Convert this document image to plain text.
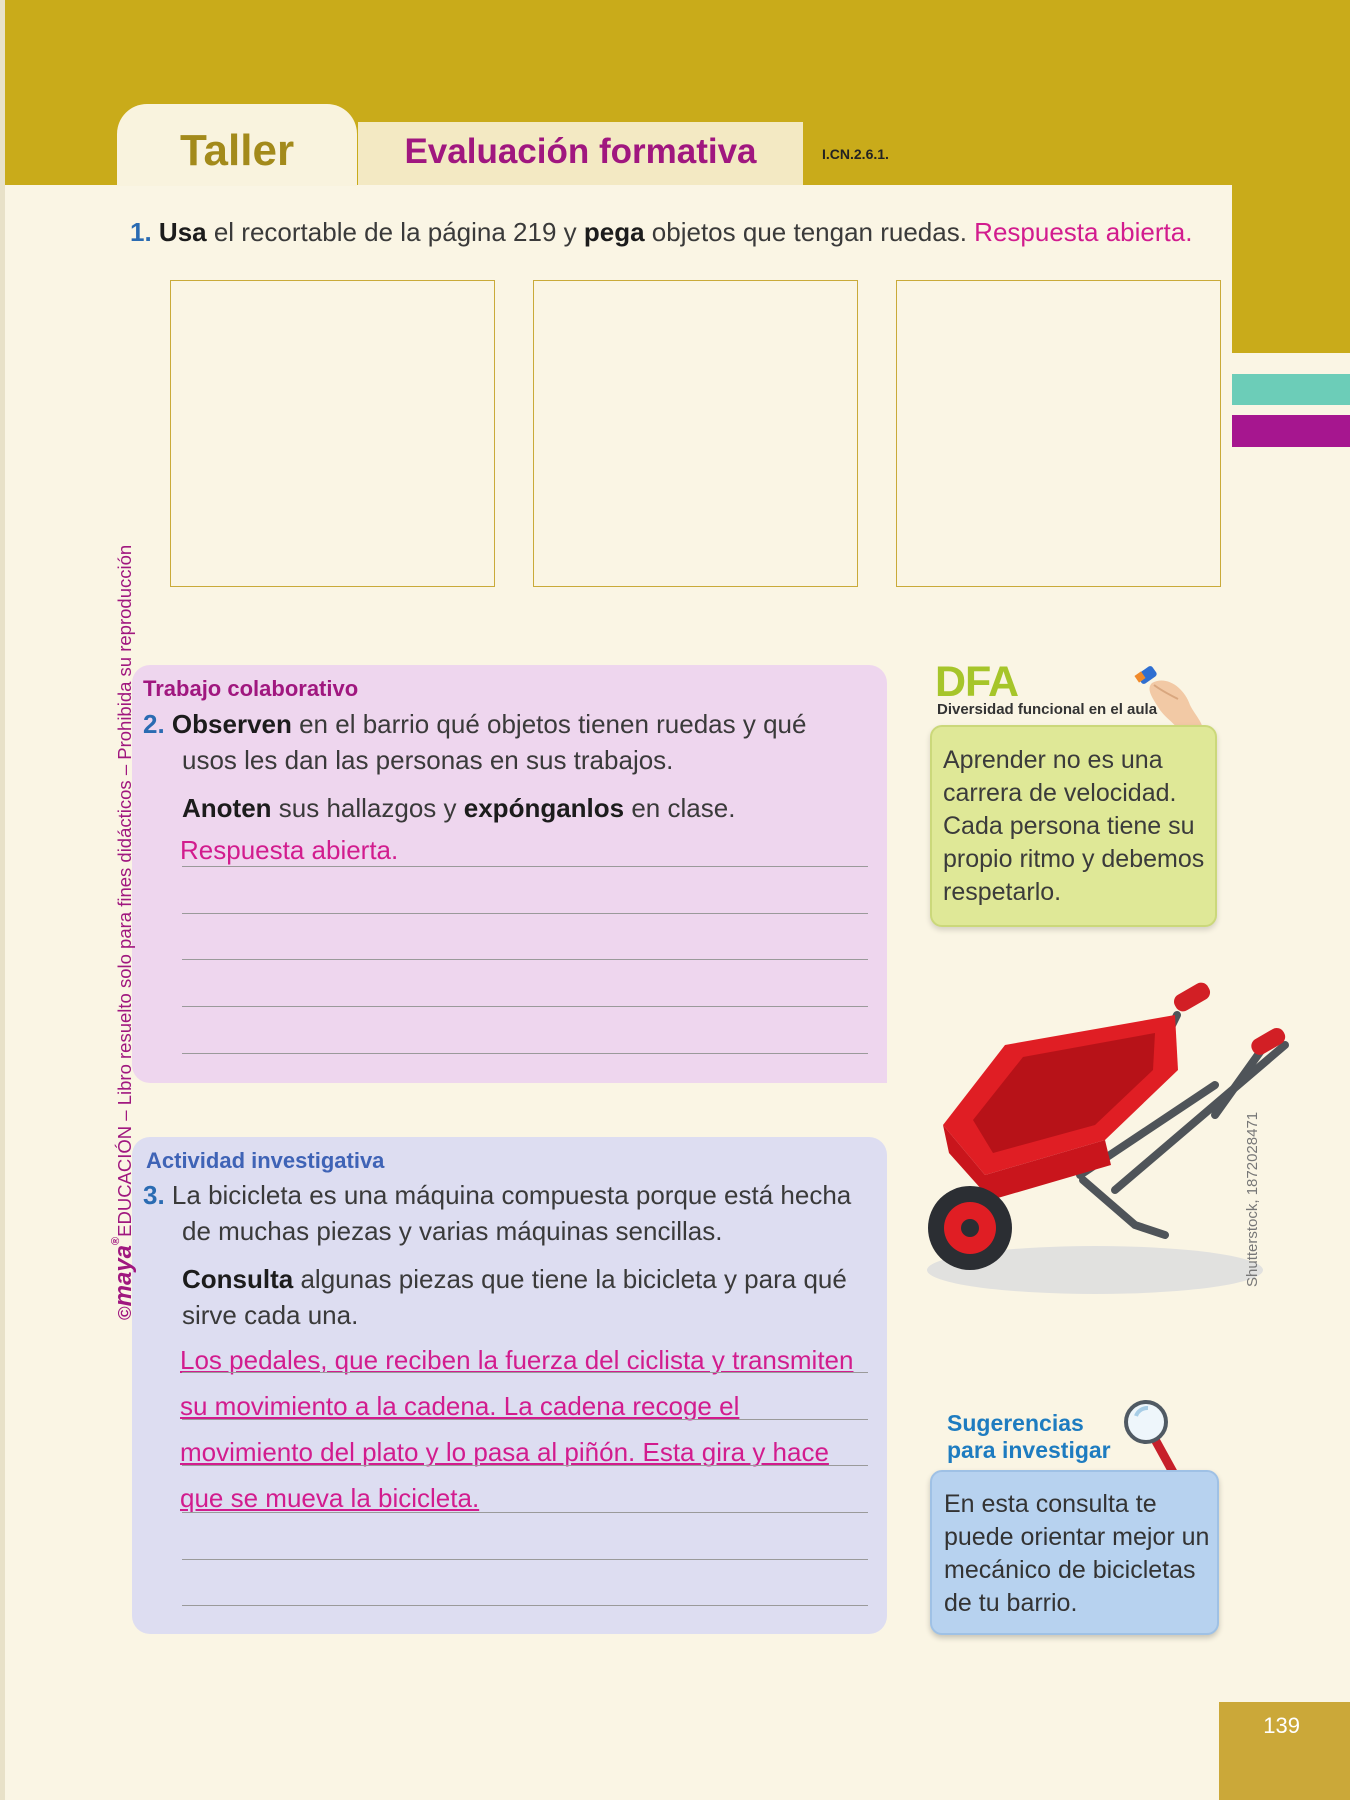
Taller	Evaluación formativa	I.CN.2.6.1.
1. Usa el recortable de la página 219 y pega objetos que tengan ruedas. Respuesta abierta.
Trabajo colaborativo
2. Observen en el barrio qué objetos tienen ruedas y qué
usos les dan las personas en sus trabajos.
Anoten sus hallazgos y expónganlos en clase.
Respuesta abierta.
Actividad investigativa
3. La bicicleta es una máquina compuesta porque está hecha
de muchas piezas y varias máquinas sencillas.
Consulta algunas piezas que tiene la bicicleta y para qué
sirve cada una.
Los pedales, que reciben la fuerza del ciclista y transmiten
su movimiento a la cadena. La cadena recoge el
movimiento del plato y lo pasa al piñón. Esta gira y hace
que se mueva la bicicleta.
DFA
Diversidad funcional en el aula
Aprender no es una carrera de velocidad. Cada persona tiene su propio ritmo y debemos respetarlo.
Shutterstock, 1872028471
Sugerencias
para investigar
En esta consulta te puede orientar mejor un mecánico de bicicletas de tu barrio.
©maya®EDUCACIÓN – Libro resuelto solo para fines didácticos – Prohibida su reproducción
139
